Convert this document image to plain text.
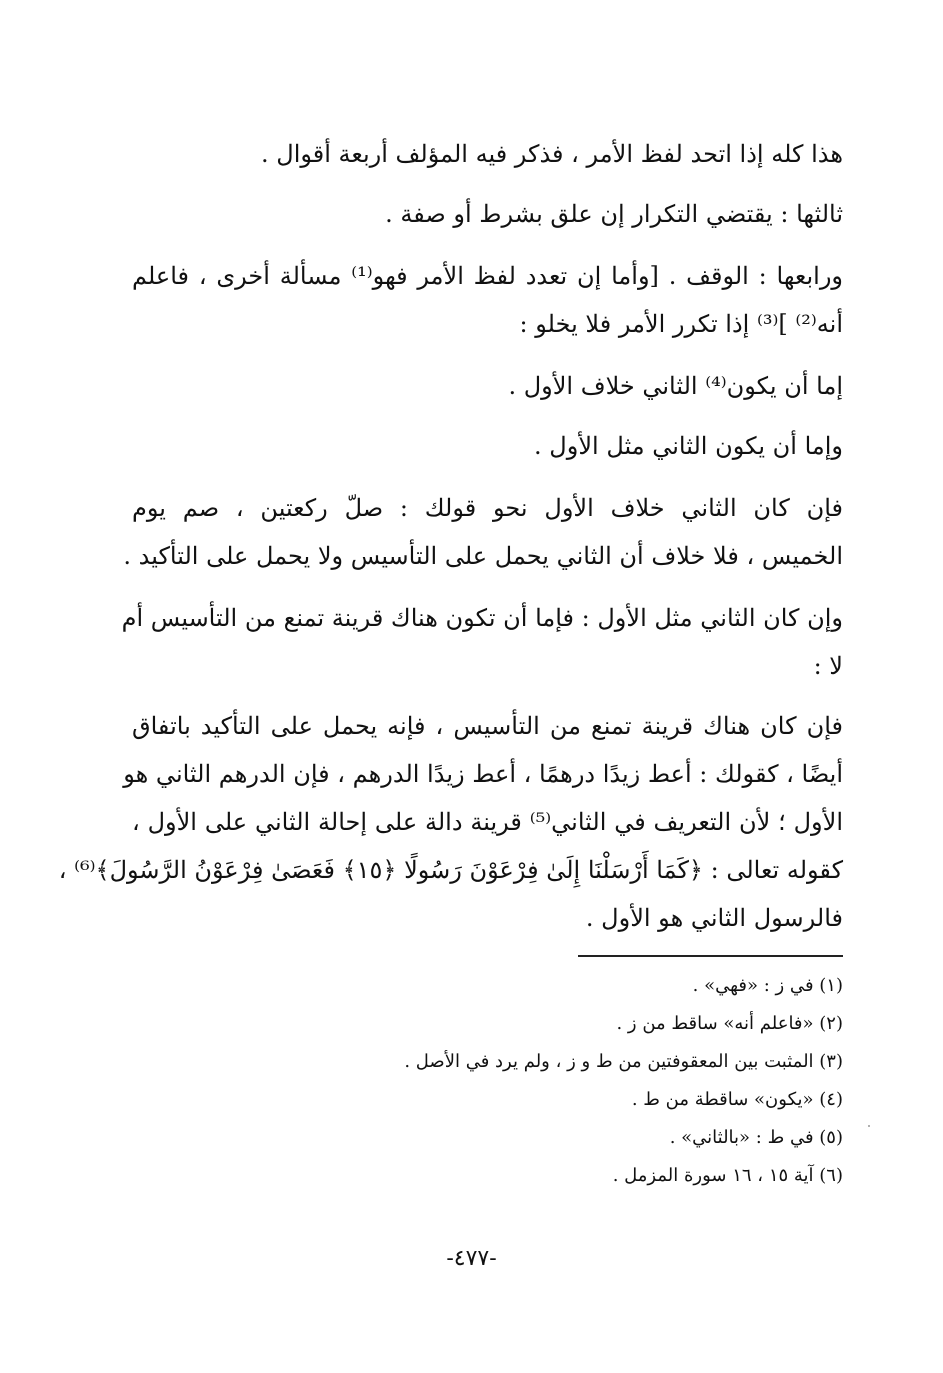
هذا كله إذا اتحد لفظ الأمر ، فذكر فيه المؤلف أربعة أقوال .
ثالثها : يقتضي التكرار إن علق بشرط أو صفة .
ورابعها : الوقف . [وأما إن تعدد لفظ الأمر فهو⁽¹⁾ مسألة أخرى ، فاعلم
أنه⁽²⁾ ]⁽³⁾ إذا تكرر الأمر فلا يخلو :
إما أن يكون⁽⁴⁾ الثاني خلاف الأول .
وإما أن يكون الثاني مثل الأول .
فإن كان الثاني خلاف الأول نحو قولك : صلّ ركعتين ، صم يوم
الخميس ، فلا خلاف أن الثاني يحمل على التأسيس ولا يحمل على التأكيد .
وإن كان الثاني مثل الأول : فإما أن تكون هناك قرينة تمنع من التأسيس أم
لا :
فإن كان هناك قرينة تمنع من التأسيس ، فإنه يحمل على التأكيد باتفاق
أيضًا ، كقولك : أعط زيدًا درهمًا ، أعط زيدًا الدرهم ، فإن الدرهم الثاني هو
الأول ؛ لأن التعريف في الثاني⁽⁵⁾ قرينة دالة على إحالة الثاني على الأول ،
كقوله تعالى : ﴿كَمَا أَرْسَلْنَا إِلَىٰ فِرْعَوْنَ رَسُولًا ﴿١٥﴾ فَعَصَىٰ فِرْعَوْنُ الرَّسُولَ﴾⁽⁶⁾ ،
فالرسول الثاني هو الأول .
(١) في ز : «فهي» .
(٢) «فاعلم أنه» ساقط من ز .
(٣) المثبت بين المعقوفتين من ط و ز ، ولم يرد في الأصل .
(٤) «يكون» ساقطة من ط .
(٥) في ط : «بالثاني» .
(٦) آية ١٥ ، ١٦ سورة المزمل .
-٤٧٧-
